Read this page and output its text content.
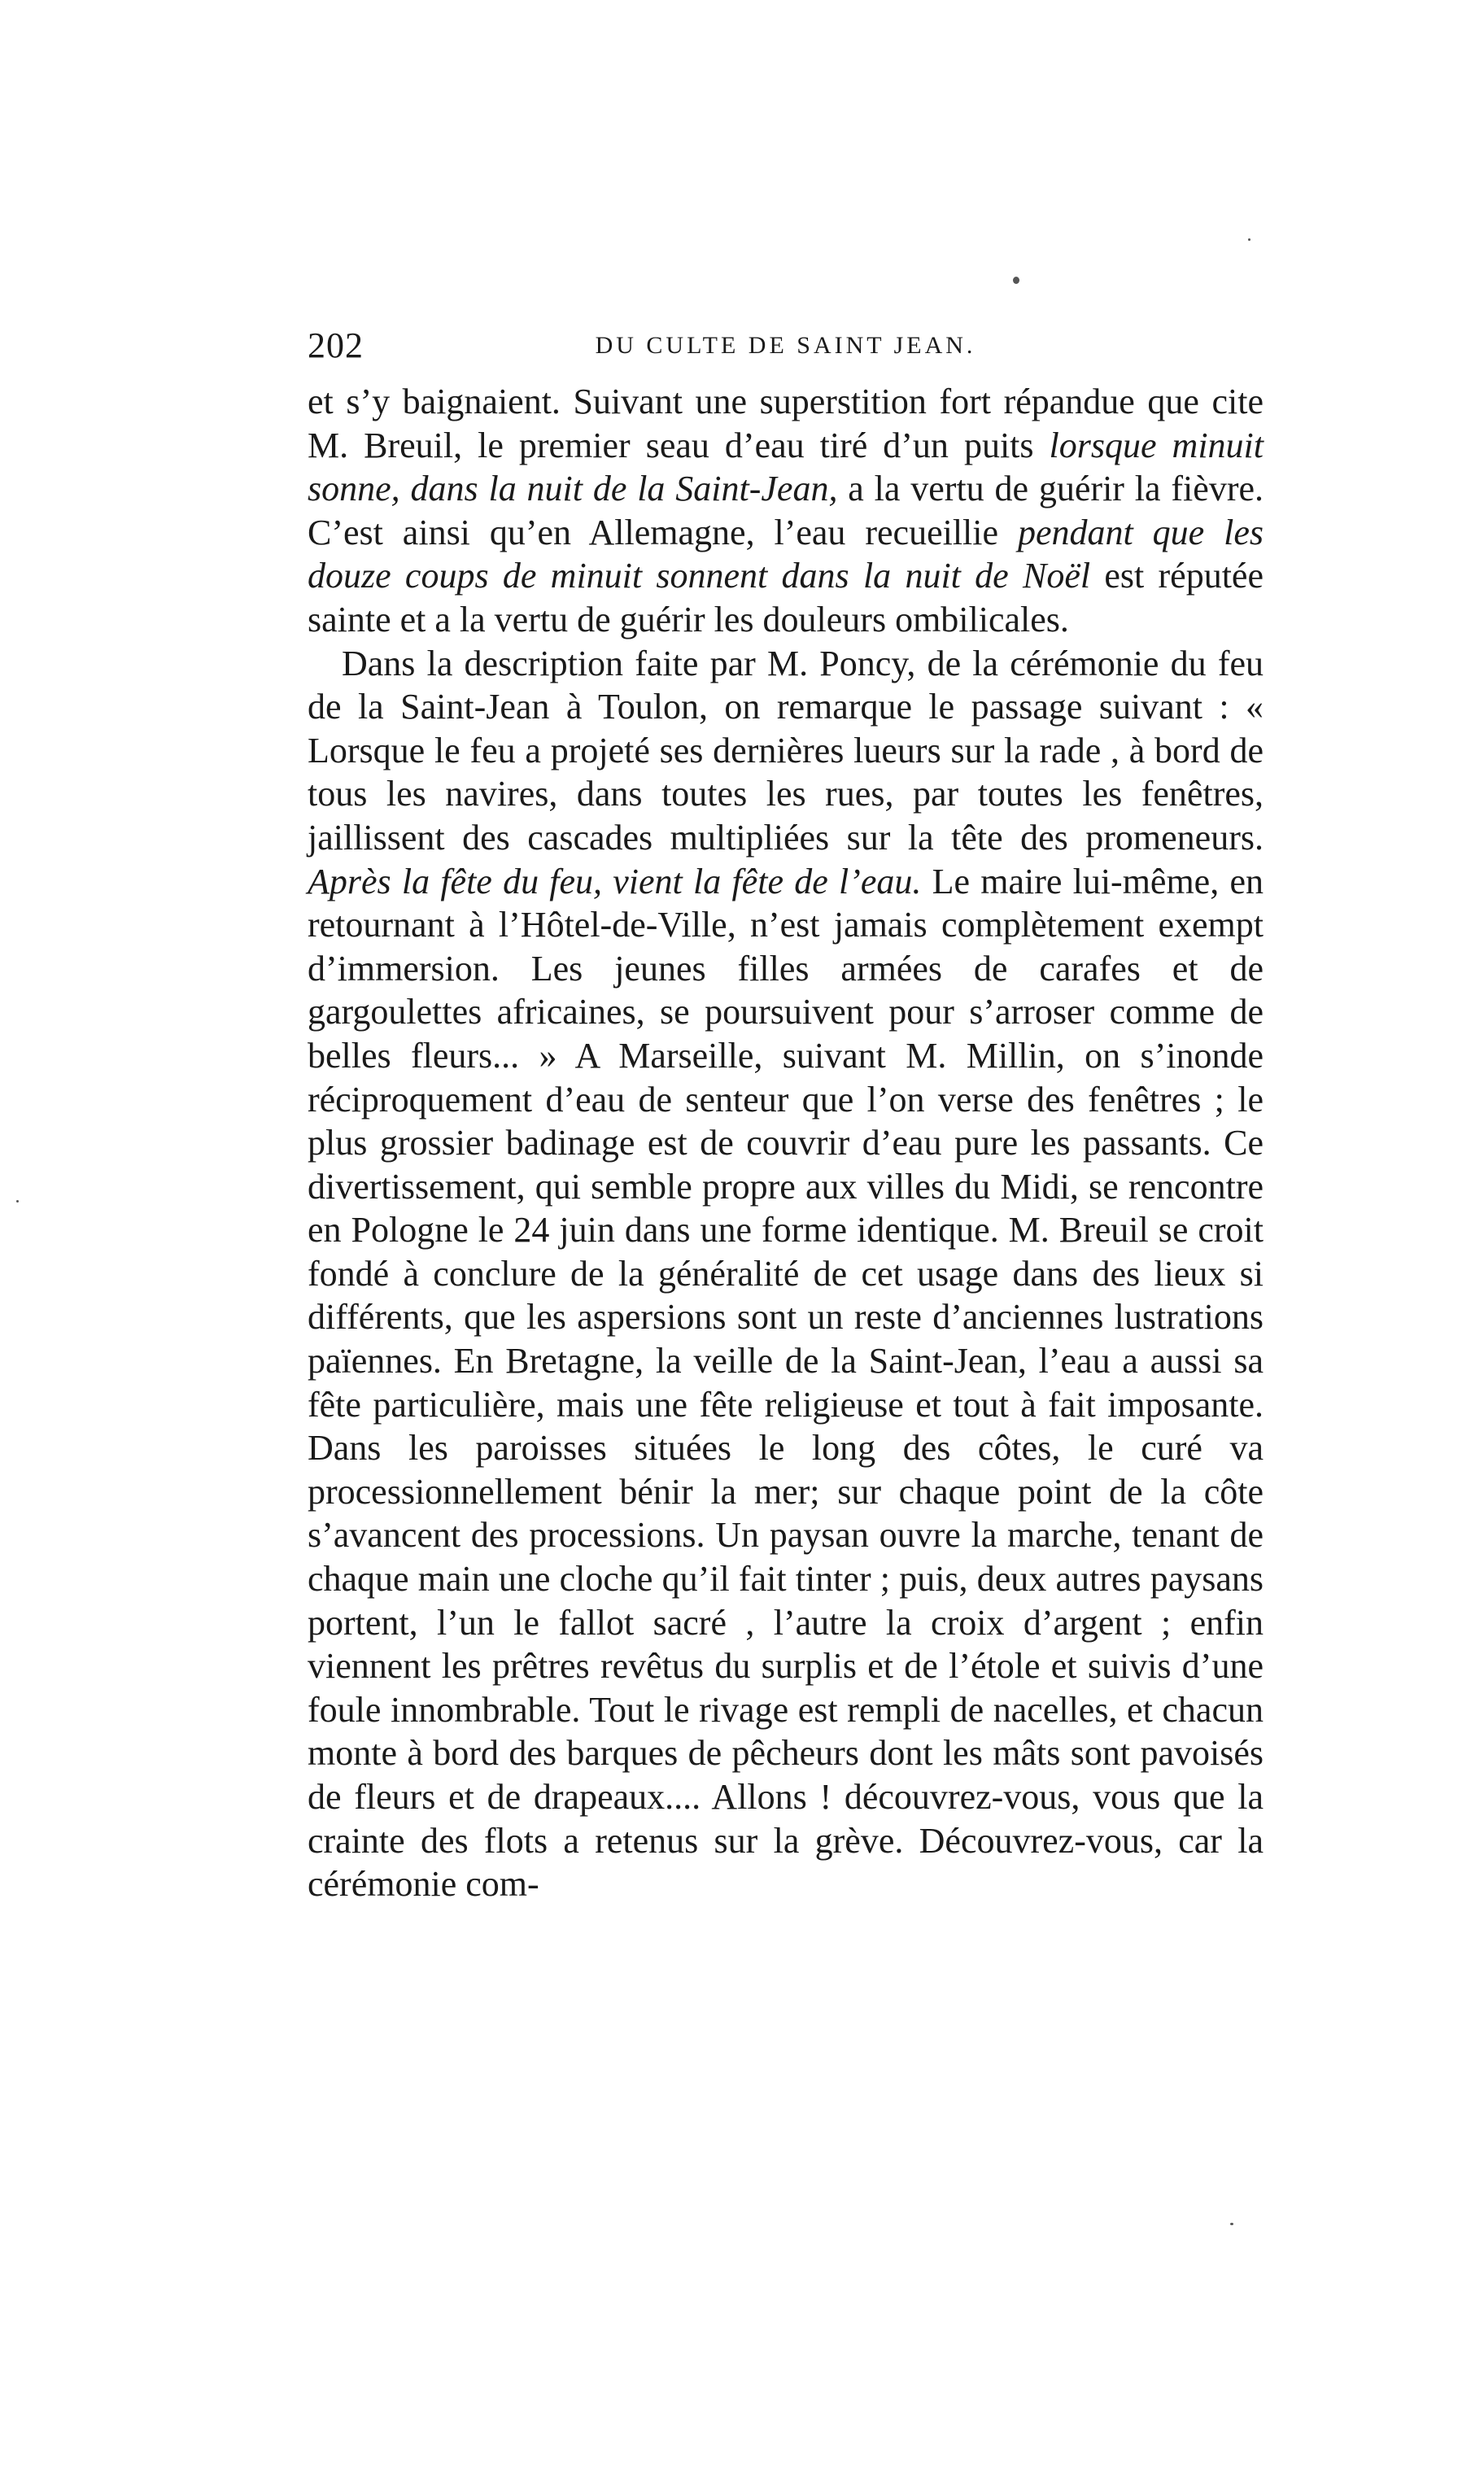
202	DU CULTE DE SAINT JEAN.

et s’y baignaient. Suivant une superstition fort répandue que cite M. Breuil, le premier seau d’eau tiré d’un puits lorsque minuit sonne, dans la nuit de la Saint-Jean, a la vertu de guérir la fièvre. C’est ainsi qu’en Allemagne, l’eau recueillie pendant que les douze coups de minuit sonnent dans la nuit de Noël est réputée sainte et a la vertu de guérir les douleurs ombilicales.

Dans la description faite par M. Poncy, de la cérémonie du feu de la Saint-Jean à Toulon, on remarque le passage suivant : « Lorsque le feu a projeté ses dernières lueurs sur la rade , à bord de tous les navires, dans toutes les rues, par toutes les fenêtres, jaillissent des cascades multipliées sur la tête des promeneurs. Après la fête du feu, vient la fête de l’eau. Le maire lui-même, en retournant à l’Hôtel-de-Ville, n’est jamais complètement exempt d’immersion. Les jeunes filles armées de carafes et de gargoulettes africaines, se poursuivent pour s’arroser comme de belles fleurs... » A Marseille, suivant M. Millin, on s’inonde réciproquement d’eau de senteur que l’on verse des fenêtres ; le plus grossier badinage est de couvrir d’eau pure les passants. Ce divertissement, qui semble propre aux villes du Midi, se rencontre en Pologne le 24 juin dans une forme identique. M. Breuil se croit fondé à conclure de la généralité de cet usage dans des lieux si différents, que les aspersions sont un reste d’anciennes lustrations païennes. En Bretagne, la veille de la Saint-Jean, l’eau a aussi sa fête particulière, mais une fête religieuse et tout à fait imposante. Dans les paroisses situées le long des côtes, le curé va processionnellement bénir la mer; sur chaque point de la côte s’avancent des processions. Un paysan ouvre la marche, tenant de chaque main une cloche qu’il fait tinter ; puis, deux autres paysans portent, l’un le fallot sacré , l’autre la croix d’argent ; enfin viennent les prêtres revêtus du surplis et de l’étole et suivis d’une foule innombrable. Tout le rivage est rempli de nacelles, et chacun monte à bord des barques de pêcheurs dont les mâts sont pavoisés de fleurs et de drapeaux.... Allons ! découvrez-vous, vous que la crainte des flots a retenus sur la grève. Découvrez-vous, car la cérémonie com-
